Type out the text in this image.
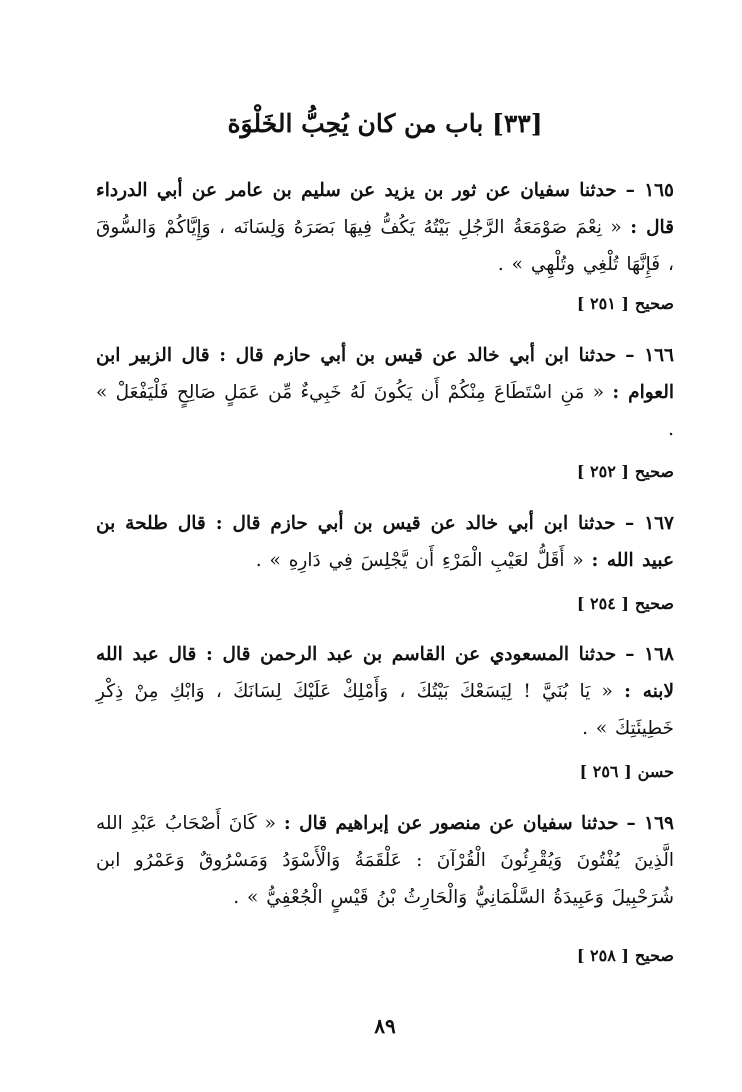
[٣٣] باب من كان يُحِبُّ الخَلْوَة
١٦٥ – حدثنا سفيان عن ثور بن يزيد عن سليم بن عامر عن أبي الدرداء قال : « نِعْمَ صَوْمَعَةُ الرَّجُلِ بَيْتُهُ يَكُفُّ فِيهَا بَصَرَهُ وَلِسَانَه ، وَإِيَّاكُمْ وَالسُّوقَ ، فَإِنَّهَا تُلْغِي وتُلْهِي » .
صحيح[ ٢٥١ ]
١٦٦ – حدثنا ابن أبي خالد عن قيس بن أبي حازم قال : قال الزبير ابن العوام : « مَنِ اسْتَطَاعَ مِنْكُمْ أَن يَكُونَ لَهُ خَبِيءٌ مِّن عَمَلٍ صَالِحٍ فَلْيَفْعَلْ » .
صحيح[ ٢٥٢ ]
١٦٧ – حدثنا ابن أبي خالد عن قيس بن أبي حازم قال : قال طلحة بن عبيد الله : « أَقَلُّ لعَيْبِ الْمَرْءِ أَن يَّجْلِسَ فِي دَارِهِ » .
صحيح[ ٢٥٤ ]
١٦٨ – حدثنا المسعودي عن القاسم بن عبد الرحمن قال : قال عبد الله لابنه : « يَا بُنَيَّ ! لِيَسَعْكَ بَيْتُكَ ، وَأَمْلِكْ عَلَيْكَ لِسَانَكَ ، وَابْكِ مِنْ ذِكْرِ خَطِيئَتِكَ » .
حسن[ ٢٥٦ ]
١٦٩ – حدثنا سفيان عن منصور عن إبراهيم قال : « كَانَ أَصْحَابُ عَبْدِ الله الَّذِينَ يُفْتُونَ وَيُقْرِئُونَ الْقُرْآنَ : عَلْقَمَةُ وَالْأَسْوَدُ وَمَسْرُوقٌ وَعَمْرُو ابن شُرَحْبِيلَ وَعَبِيدَةُ السَّلْمَانِيُّ وَالْحَارِثُ بْنُ قَيْسٍ الْجُعْفِيُّ » .
صحيح[ ٢٥٨ ]
٨٩
